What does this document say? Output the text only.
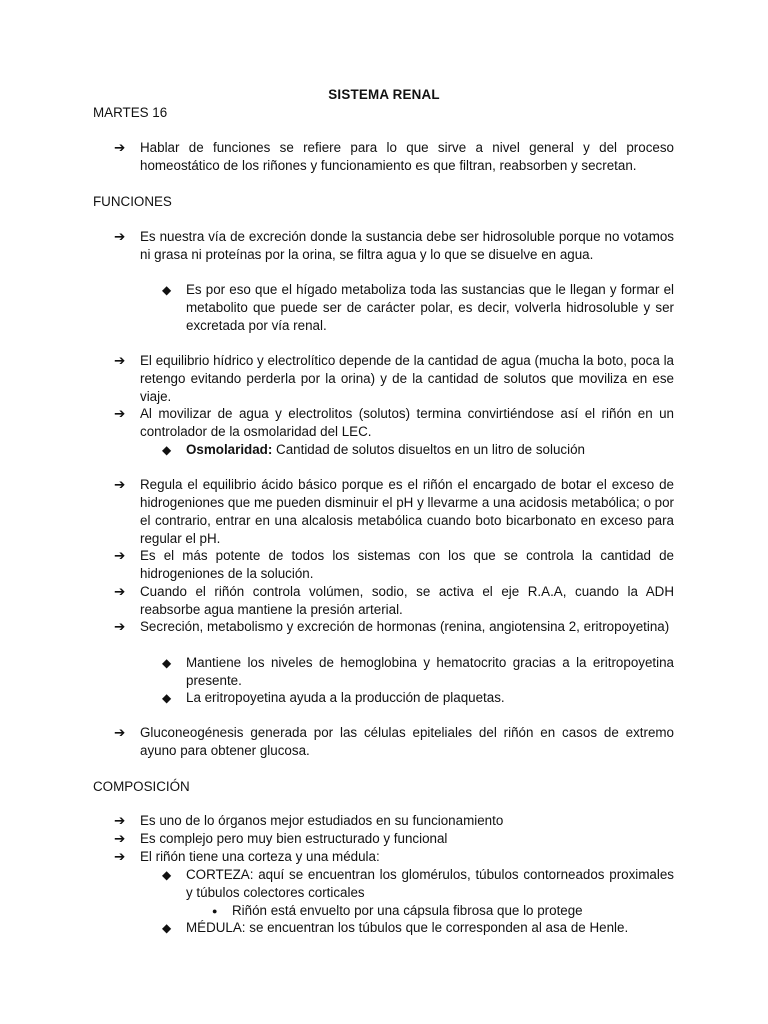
SISTEMA RENAL
MARTES 16
➔	Hablar de funciones se refiere para lo que sirve a nivel general y del proceso homeostático de los riñones y funcionamiento es que filtran, reabsorben y secretan.
FUNCIONES
➔	Es nuestra vía de excreción donde la sustancia debe ser hidrosoluble porque no votamos ni grasa ni proteínas por la orina, se filtra agua y lo que se disuelve en agua.
◆	Es por eso que el hígado metaboliza toda las sustancias que le llegan y formar el metabolito que puede ser de carácter polar, es decir, volverla hidrosoluble y ser excretada por vía renal.
➔	El equilibrio hídrico y electrolítico depende de la cantidad de agua (mucha la boto, poca la retengo evitando perderla por la orina) y de la cantidad de solutos que moviliza en ese viaje.
➔	Al movilizar de agua y electrolitos (solutos) termina convirtiéndose así el riñón en un controlador de la osmolaridad del LEC.
◆	Osmolaridad: Cantidad de solutos disueltos en un litro de solución
➔	Regula el equilibrio ácido básico porque es el riñón el encargado de botar el exceso de hidrogeniones que me pueden disminuir el pH y llevarme a una acidosis metabólica; o por el contrario, entrar en una alcalosis metabólica cuando boto bicarbonato en exceso para regular el pH.
➔	Es el más potente de todos los sistemas con los que se controla la cantidad de hidrogeniones de la solución.
➔	Cuando el riñón controla volúmen, sodio, se activa el eje R.A.A, cuando la ADH reabsorbe agua mantiene la presión arterial.
➔	Secreción, metabolismo y excreción de hormonas (renina, angiotensina 2, eritropoyetina)
◆	Mantiene los niveles de hemoglobina y hematocrito gracias a la eritropoyetina presente.
◆	La eritropoyetina ayuda a la producción de plaquetas.
➔	Gluconeogénesis generada por las células epiteliales del riñón en casos de extremo ayuno para obtener glucosa.
COMPOSICIÓN
➔	Es uno de lo órganos mejor estudiados en su funcionamiento
➔	Es complejo pero muy bien estructurado y funcional
➔	El riñón tiene una corteza y una médula:
◆	CORTEZA: aquí se encuentran los glomérulos, túbulos contorneados proximales y túbulos colectores corticales
●	Riñón está envuelto por una cápsula fibrosa que lo protege
◆	MÉDULA: se encuentran los túbulos que le corresponden al asa de Henle.
